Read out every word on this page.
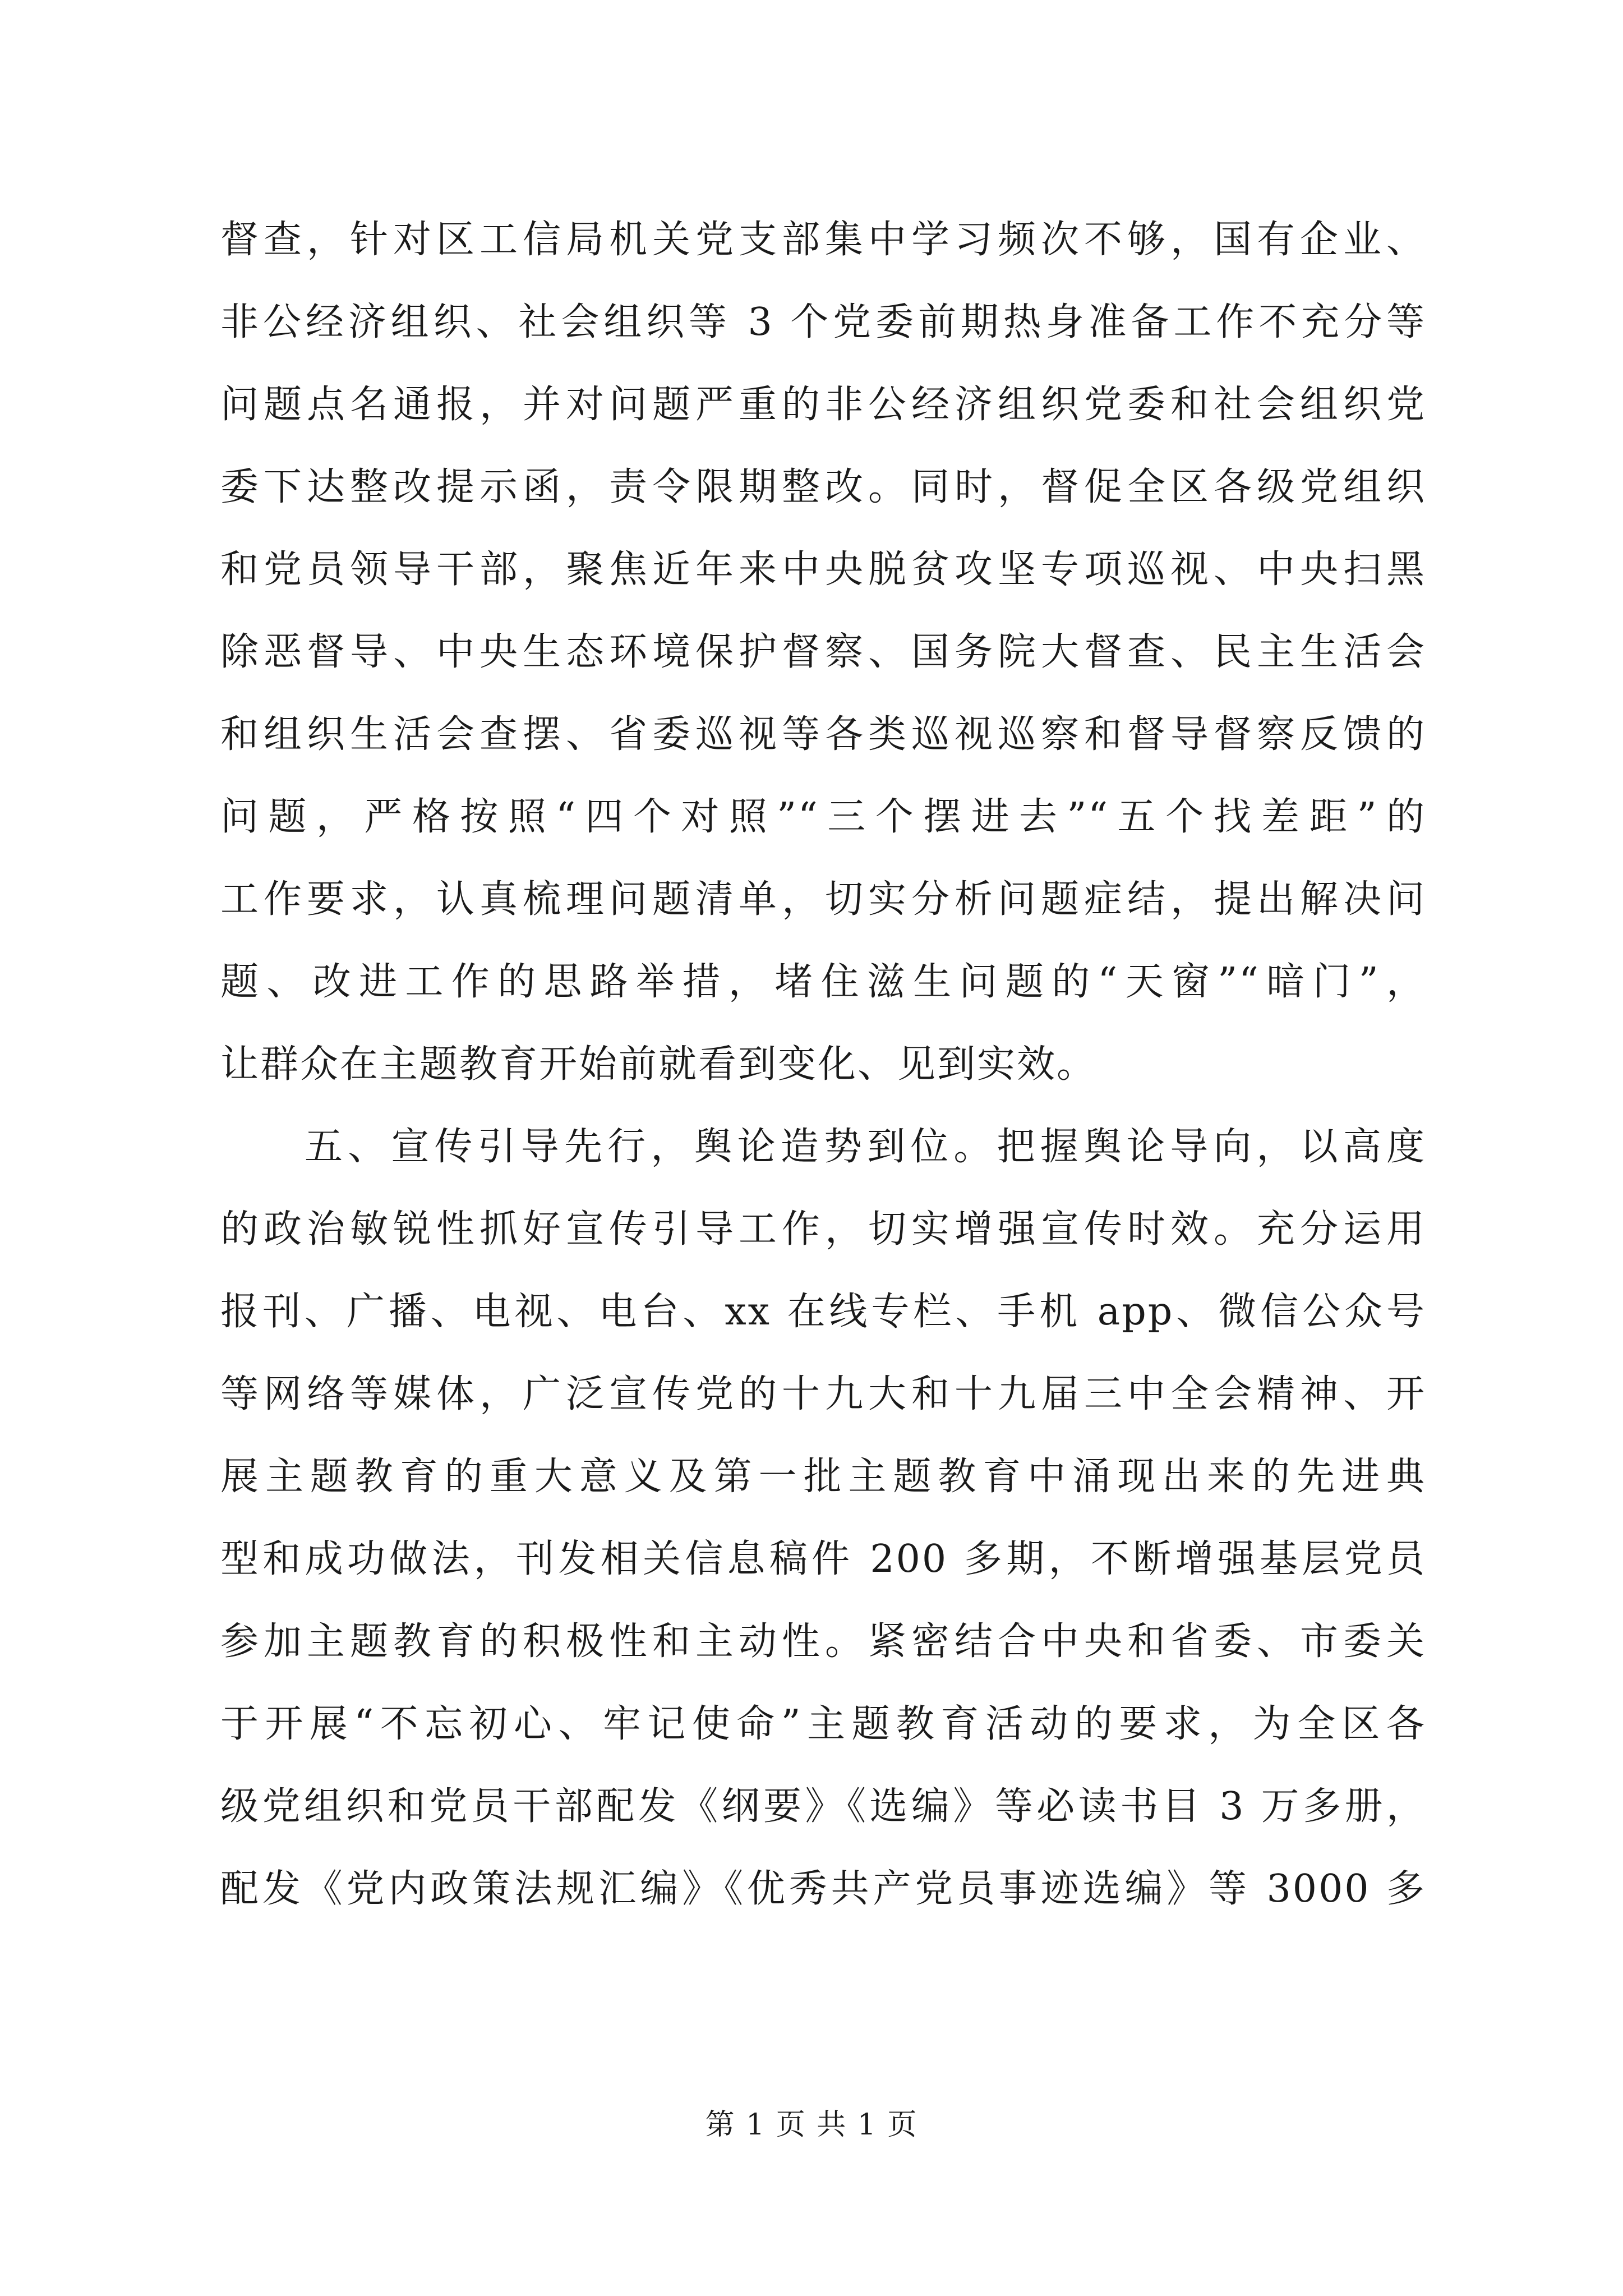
督查，针对区工信局机关党支部集中学习频次不够，国有企业、
非公经济组织、社会组织等 3 个党委前期热身准备工作不充分等
问题点名通报，并对问题严重的非公经济组织党委和社会组织党
委下达整改提示函，责令限期整改。同时，督促全区各级党组织
和党员领导干部，聚焦近年来中央脱贫攻坚专项巡视、中央扫黑
除恶督导、中央生态环境保护督察、国务院大督查、民主生活会
和组织生活会查摆、省委巡视等各类巡视巡察和督导督察反馈的
问题，严格按照“四个对照”“三个摆进去”“五个找差距”的
工作要求，认真梳理问题清单，切实分析问题症结，提出解决问
题、改进工作的思路举措，堵住滋生问题的“天窗”“暗门”，
让群众在主题教育开始前就看到变化、见到实效。
五、宣传引导先行，舆论造势到位。把握舆论导向，以高度
的政治敏锐性抓好宣传引导工作，切实增强宣传时效。充分运用
报刊、广播、电视、电台、xx 在线专栏、手机 app、微信公众号
等网络等媒体，广泛宣传党的十九大和十九届三中全会精神、开
展主题教育的重大意义及第一批主题教育中涌现出来的先进典
型和成功做法，刊发相关信息稿件 200 多期，不断增强基层党员
参加主题教育的积极性和主动性。紧密结合中央和省委、市委关
于开展“不忘初心、牢记使命”主题教育活动的要求，为全区各
级党组织和党员干部配发《纲要》《选编》等必读书目 3 万多册，
配发《党内政策法规汇编》《优秀共产党员事迹选编》等 3000 多
第 1 页 共 1 页
